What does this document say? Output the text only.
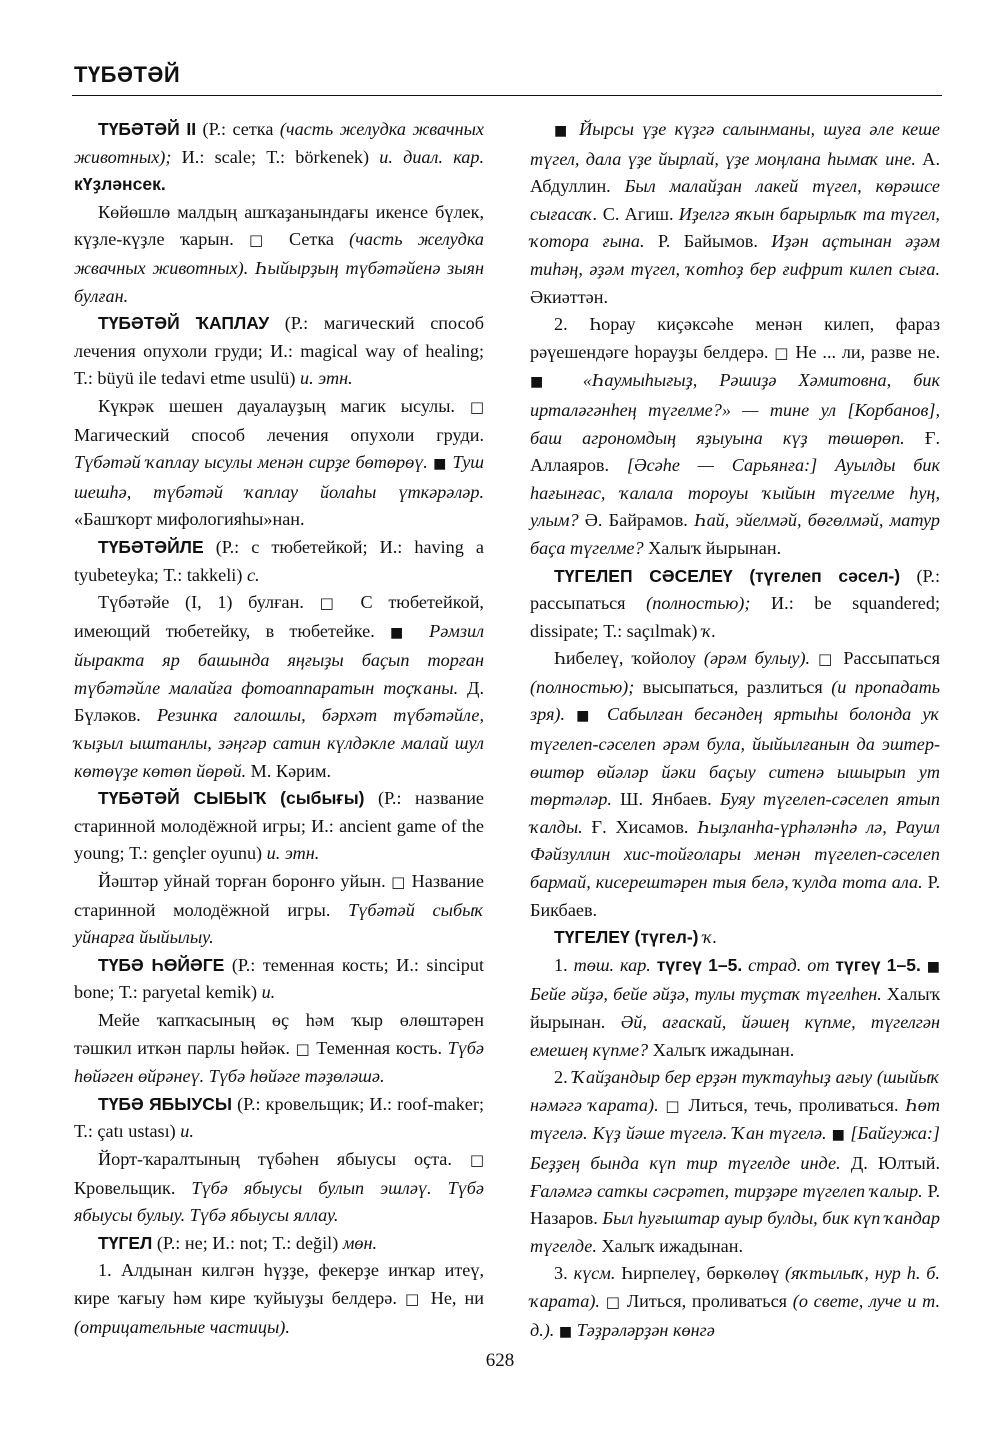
ТҮБӘТӘЙ

ТҮБӘТӘЙ II (Р.: сетка (часть желудка жвачных животных); И.: scale; Т.: börkenek) и. диал. кар. кҮҙләнсек.

Көйөшлө малдың ашҡаҙанындағы икенсе бүлек, күҙле-күҙле ҡарын. □ Сетка (часть желудка жвачных животных). Һыйырҙың түбәтәйенә зыян булған.

ТҮБӘТӘЙ ҠАПЛАУ (Р.: магический способ лечения опухоли груди; И.: magical way of healing; Т.: büyü ile tedavi etme usulü) и. этн.

Күкрәк шешен дауалауҙың магик ысулы. □ Магический способ лечения опухоли груди. Түбәтәй ҡаплау ысулы менән сирҙе бөтөрөү. ■ Туш шешһә, түбәтәй ҡаплау йолаһы үткәрәләр. «Башҡорт мифологияһы»нан.

ТҮБӘТӘЙЛЕ (Р.: с тюбетейкой; И.: having a tyubeteyka; Т.: takkeli) с.

Түбәтәйе (I, 1) булған. □ С тюбетейкой, имеющий тюбетейку, в тюбетейке. ■ Рәмзил йыракта яр башында яңғыҙы баҫып торған түбәтәйле малайға фотоаппаратын тоҫҡаны. Д. Бүләков. Резинка галошлы, бәрхәт түбәтәйле, ҡыҙыл ыштанлы, зәңгәр сатин күлдәкле малай шул көтөүҙе көтөп йөрөй. М. Кәрим.

ТҮБӘТӘЙ СЫБЫҠ (сыбығы) (Р.: название старинной молодёжной игры; И.: ancient game of the young; Т.: gençler oyunu) и. этн.

Йәштәр уйнай торған боронғо уйын. □ Название старинной молодёжной игры. Түбәтәй сыбыҡ уйнарға йыйылыу.

ТҮБӘ ҺӨЙӘГЕ (Р.: теменная кость; И.: sinciput bone; Т.: paryetal kemik) и.

Мейе ҡапҡасының өҫ һәм ҡыр өлөштәрен тәшкил иткән парлы һөйәк. □ Теменная кость. Түбә һөйәген өйрәнеү. Түбә һөйәге тәҙөләшә.

ТҮБӘ ЯБЫУСЫ (Р.: кровельщик; И.: roof-maker; Т.: çatı ustası) и.

Йорт-ҡаралтының түбәһен ябыусы оҫта. □ Кровельщик. Түбә ябыусы булып эшләү. Түбә ябыусы булыу. Түбә ябыусы яллау.

ТҮГЕЛ (Р.: не; И.: not; Т.: değil) мөн.

1. Алдынан килгән һүҙҙе, фекерҙе инҡар итеү, кире ҡағыу һәм кире ҡуйыуҙы белдерә. □ Не, ни (отрицательные частицы).

■ Йырсы үҙе күҙгә салынманы, шуға әле кеше түгел, дала үҙе йырлай, үҙе моңлана һымаҡ ине. А. Абдуллин. Был малайҙан лакей түгел, көрәшсе сығасаҡ. С. Агиш. Иҙелгә яҡын барырлыҡ та түгел, ҡотора ғына. Р. Байымов. Иҙән аҫтынан әҙәм тиһәң, әҙәм түгел, ҡотһоҙ бер ғифрит килеп сыға. Әкиәттән.

2. Һорау киҫәксәһе менән килеп, фараз рәүешендәге һорауҙы белдерә. □ Не ... ли, разве не. ■ «Һаумыһығыҙ, Рәшиҙә Хәмитовна, бик ирталәгәнһең түгелме?» — тине ул [Корбанов], баш агрономдың яҙыуына күҙ төшөрөп. Ғ. Аллаяров. [Әсәһе — Сарьянға:] Ауылды бик һағынғас, ҡалала тороуы ҡыйын түгелме һуң, улым? Ә. Байрамов. Һай, эйелмәй, бөгөлмәй, матур баҫа түгелме? Халыҡ йырынан.

ТҮГЕЛЕП СӘСЕЛЕҮ (түгелеп сәсел-) (Р.: рассыпаться (полностью); И.: be squandered; dissipate; Т.: saçılmak) ҡ.

Һибелеү, ҡойолоу (әрәм булыу). □ Рассыпаться (полностью); высыпаться, разлиться (и пропадать зря). ■ Сабылған бесәндең яртыһы болонда уҡ түгелеп-сәселеп әрәм була, йыйылғанын да эштер-өштөр өйәләр йәки баҫыу ситенә ышырып ут төртәләр. Ш. Янбаев. Буяу түгелеп-сәселеп ятып ҡалды. Ғ. Хисамов. Һыҙланһа-үрһәләнһә лә, Рауил Фәйзуллин хис-тойғолары менән түгелеп-сәселеп бармай, кисерештәрен тыя белә, ҡулда тота ала. Р. Бикбаев.

ТҮГЕЛЕҮ (түгел-) ҡ.

1. төш. кар. түгеү 1–5. страд. от түгеү 1–5. ■ Бейе әйҙә, бейе әйҙә, тулы туҫтаҡ түгелһен. Халыҡ йырынан. Әй, ағаскай, йәшең күпме, түгелгән емешең күпме? Халыҡ ижадынан.

2. Ҡайҙандыр бер ерҙән туҡтауһыҙ ағыу (шыйыҡ нәмәгә ҡарата). □ Литься, течь, проливаться. Һөт түгелә. Күҙ йәше түгелә. Ҡан түгелә. ■ [Байгужа:] Беҙҙең бында күп тир түгелде инде. Д. Юлтый. Ғаләмгә саткы сәсрәтеп, тирҙәре түгелеп ҡалыр. Р. Назаров. Был һуғыштар ауыр булды, бик күп ҡандар түгелде. Халыҡ ижадынан.

3. күсм. Һирпелеү, бөркөлөү (яҡтылыҡ, нур һ. б. ҡарата). □ Литься, проливаться (о свете, луче и т. д.). ■ Тәҙрәләрҙән көнгә

628
